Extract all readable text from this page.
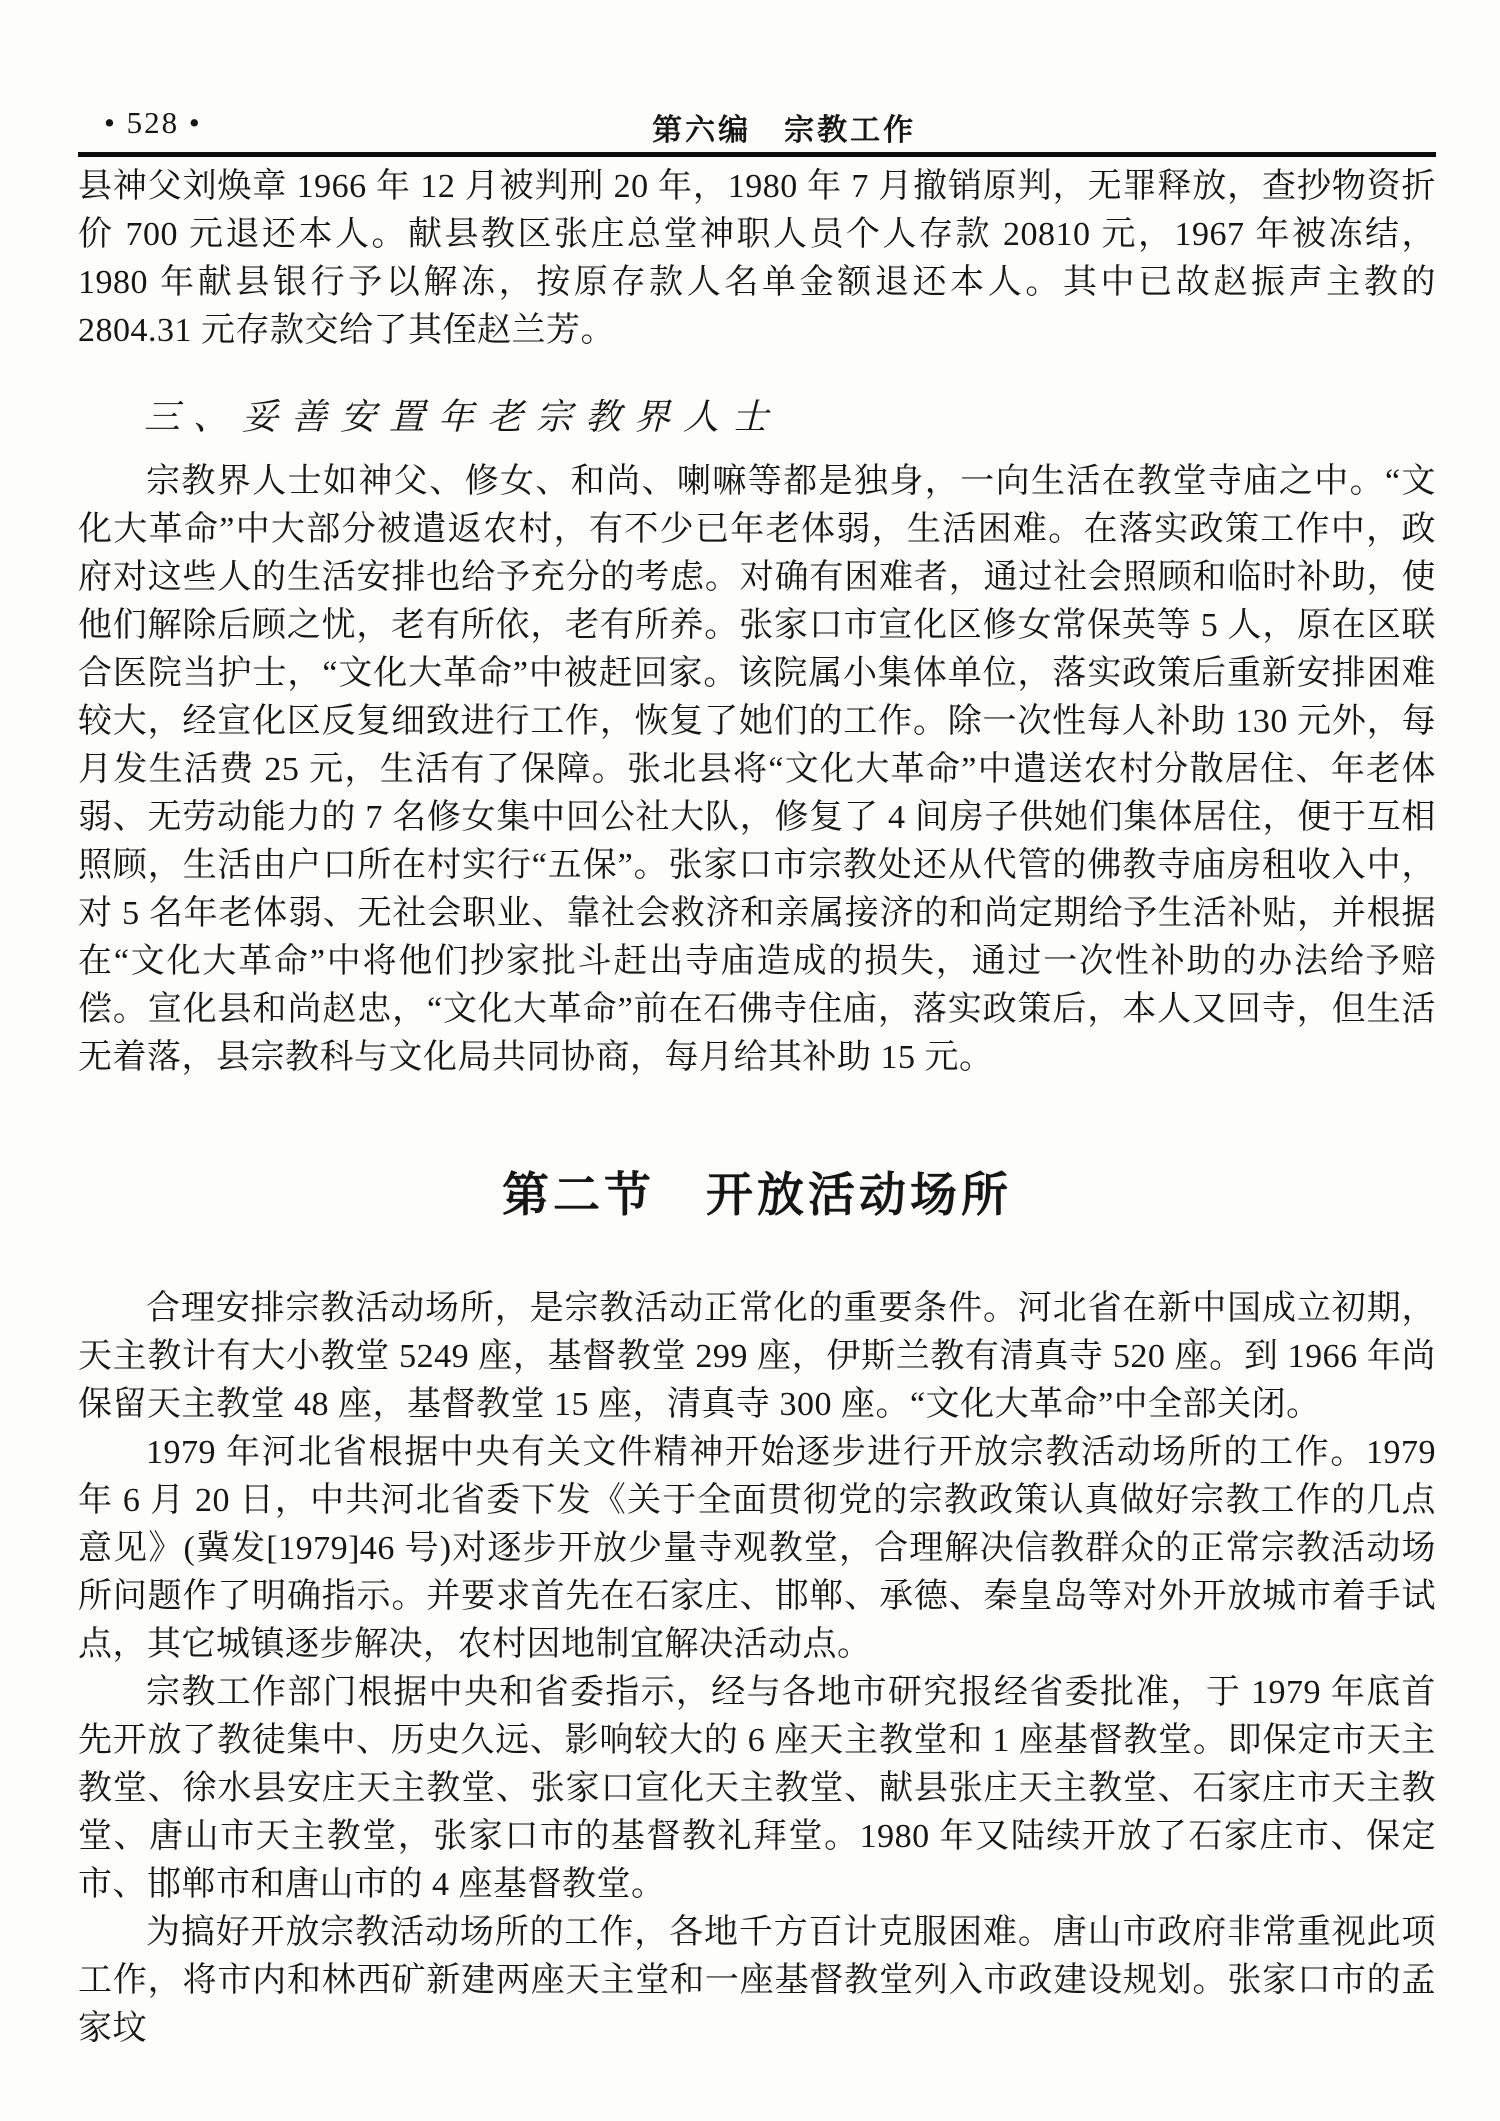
• 528 •	第六编　宗教工作

县神父刘焕章 1966 年 12 月被判刑 20 年，1980 年 7 月撤销原判，无罪释放，查抄物资折价 700 元退还本人。献县教区张庄总堂神职人员个人存款 20810 元，1967 年被冻结，1980 年献县银行予以解冻，按原存款人名单金额退还本人。其中已故赵振声主教的 2804.31 元存款交给了其侄赵兰芳。

三、妥善安置年老宗教界人士

宗教界人士如神父、修女、和尚、喇嘛等都是独身，一向生活在教堂寺庙之中。“文化大革命”中大部分被遣返农村，有不少已年老体弱，生活困难。在落实政策工作中，政府对这些人的生活安排也给予充分的考虑。对确有困难者，通过社会照顾和临时补助，使他们解除后顾之忧，老有所依，老有所养。张家口市宣化区修女常保英等 5 人，原在区联合医院当护士，“文化大革命”中被赶回家。该院属小集体单位，落实政策后重新安排困难较大，经宣化区反复细致进行工作，恢复了她们的工作。除一次性每人补助 130 元外，每月发生活费 25 元，生活有了保障。张北县将“文化大革命”中遣送农村分散居住、年老体弱、无劳动能力的 7 名修女集中回公社大队，修复了 4 间房子供她们集体居住，便于互相照顾，生活由户口所在村实行“五保”。张家口市宗教处还从代管的佛教寺庙房租收入中，对 5 名年老体弱、无社会职业、靠社会救济和亲属接济的和尚定期给予生活补贴，并根据在“文化大革命”中将他们抄家批斗赶出寺庙造成的损失，通过一次性补助的办法给予赔偿。宣化县和尚赵忠，“文化大革命”前在石佛寺住庙，落实政策后，本人又回寺，但生活无着落，县宗教科与文化局共同协商，每月给其补助 15 元。

第二节　开放活动场所

合理安排宗教活动场所，是宗教活动正常化的重要条件。河北省在新中国成立初期，天主教计有大小教堂 5249 座，基督教堂 299 座，伊斯兰教有清真寺 520 座。到 1966 年尚保留天主教堂 48 座，基督教堂 15 座，清真寺 300 座。“文化大革命”中全部关闭。

1979 年河北省根据中央有关文件精神开始逐步进行开放宗教活动场所的工作。1979 年 6 月 20 日，中共河北省委下发《关于全面贯彻党的宗教政策认真做好宗教工作的几点意见》(冀发[1979]46 号)对逐步开放少量寺观教堂，合理解决信教群众的正常宗教活动场所问题作了明确指示。并要求首先在石家庄、邯郸、承德、秦皇岛等对外开放城市着手试点，其它城镇逐步解决，农村因地制宜解决活动点。

宗教工作部门根据中央和省委指示，经与各地市研究报经省委批准，于 1979 年底首先开放了教徒集中、历史久远、影响较大的 6 座天主教堂和 1 座基督教堂。即保定市天主教堂、徐水县安庄天主教堂、张家口宣化天主教堂、献县张庄天主教堂、石家庄市天主教堂、唐山市天主教堂，张家口市的基督教礼拜堂。1980 年又陆续开放了石家庄市、保定市、邯郸市和唐山市的 4 座基督教堂。

为搞好开放宗教活动场所的工作，各地千方百计克服困难。唐山市政府非常重视此项工作，将市内和林西矿新建两座天主堂和一座基督教堂列入市政建设规划。张家口市的孟家坟
